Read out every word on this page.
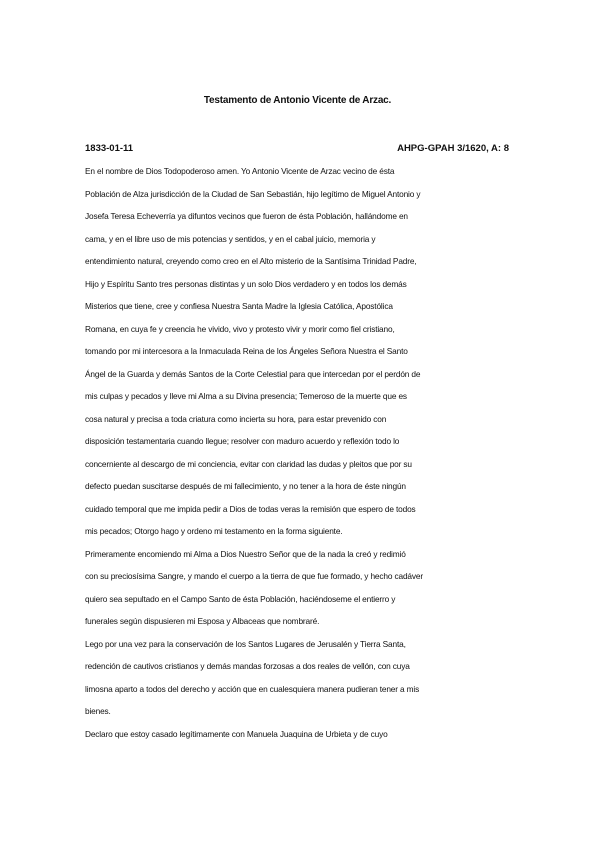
Testamento de Antonio Vicente de Arzac.
1833-01-11	AHPG-GPAH 3/1620, A: 8
En el nombre de Dios Todopoderoso amen. Yo Antonio Vicente de Arzac vecino de ésta
Población de Alza jurisdicción de la Ciudad de San Sebastián, hijo legítimo de Miguel Antonio y
Josefa Teresa Echeverría ya difuntos vecinos que fueron de ésta Población, hallándome en
cama, y en el libre uso de mis potencias y sentidos, y en el cabal juicio, memoria y
entendimiento natural, creyendo como creo en el Alto misterio de la Santísima Trinidad Padre,
Hijo y Espíritu Santo tres personas distintas y un solo Dios verdadero y en todos los demás
Misterios que tiene, cree y confiesa Nuestra Santa Madre la Iglesia Católica, Apostólica
Romana, en cuya fe y creencia he vivido, vivo y protesto vivir y morir como fiel cristiano,
tomando por mi intercesora a la Inmaculada Reina de los Ángeles Señora Nuestra el Santo
Ángel de la Guarda y demás Santos de la Corte Celestial para que intercedan por el perdón de
mis culpas y pecados y lleve mi Alma a su Divina presencia; Temeroso de la muerte que es
cosa natural y precisa a toda criatura como incierta su hora, para estar prevenido con
disposición testamentaria cuando llegue; resolver con maduro acuerdo y reflexión todo lo
concerniente al descargo de mi conciencia, evitar con claridad las dudas y pleitos que por su
defecto puedan suscitarse después de mi fallecimiento, y no tener a la hora de éste ningún
cuidado temporal que me impida pedir a Dios de todas veras la remisión que espero de todos
mis pecados; Otorgo hago y ordeno mi testamento en la forma siguiente.
Primeramente encomiendo mi Alma a Dios Nuestro Señor que de la nada la creó y redimió
con su preciosísima Sangre, y mando el cuerpo a la tierra de que fue formado, y hecho cadáver
quiero sea sepultado en el Campo Santo de ésta Población, haciéndoseme el entierro y
funerales según dispusieren mi Esposa y Albaceas que nombraré.
Lego por una vez para la conservación de los Santos Lugares de Jerusalén y Tierra Santa,
redención de cautivos cristianos y demás mandas forzosas a dos reales de vellón, con cuya
limosna aparto a todos del derecho y acción que en cualesquiera manera pudieran tener a mis
bienes.
Declaro que estoy casado legítimamente con Manuela Juaquina de Urbieta y de cuyo
